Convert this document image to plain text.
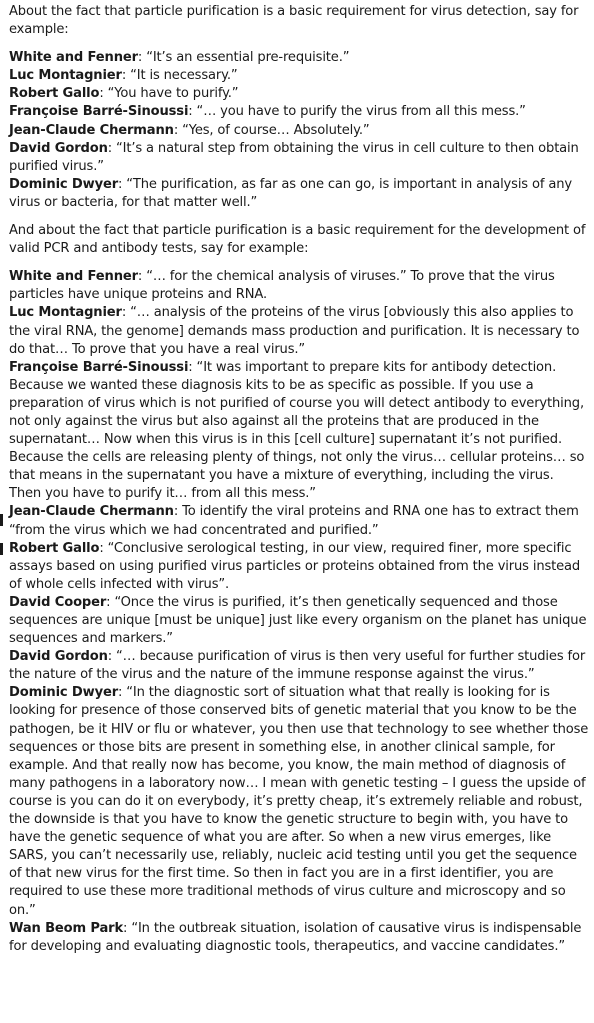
About the fact that particle purification is a basic requirement for virus detection, say for example:

White and Fenner: “It’s an essential pre-requisite.”

Luc Montagnier: “It is necessary.”

Robert Gallo: “You have to purify.”

Françoise Barré-Sinoussi: “… you have to purify the virus from all this mess.”

Jean-Claude Chermann: “Yes, of course… Absolutely.”

David Gordon: “It’s a natural step from obtaining the virus in cell culture to then obtain purified virus.”

Dominic Dwyer: “The purification, as far as one can go, is important in analysis of any virus or bacteria, for that matter well.”

And about the fact that particle purification is a basic requirement for the development of valid PCR and antibody tests, say for example:

White and Fenner: “… for the chemical analysis of viruses.” To prove that the virus particles have unique proteins and RNA.

Luc Montagnier: “… analysis of the proteins of the virus [obviously this also applies to the viral RNA, the genome] demands mass production and purification. It is necessary to do that… To prove that you have a real virus.”

Françoise Barré-Sinoussi: “It was important to prepare kits for antibody detection. Because we wanted these diagnosis kits to be as specific as possible. If you use a preparation of virus which is not purified of course you will detect antibody to everything, not only against the virus but also against all the proteins that are produced in the supernatant… Now when this virus is in this [cell culture] supernatant it’s not purified. Because the cells are releasing plenty of things, not only the virus… cellular proteins… so that means in the supernatant you have a mixture of everything, including the virus. Then you have to purify it… from all this mess.”

Jean-Claude Chermann: To identify the viral proteins and RNA one has to extract them “from the virus which we had concentrated and purified.”

Robert Gallo: “Conclusive serological testing, in our view, required finer, more specific assays based on using purified virus particles or proteins obtained from the virus instead of whole cells infected with virus”.

David Cooper: “Once the virus is purified, it’s then genetically sequenced and those sequences are unique [must be unique] just like every organism on the planet has unique sequences and markers.”

David Gordon: “… because purification of virus is then very useful for further studies for the nature of the virus and the nature of the immune response against the virus.”

Dominic Dwyer: “In the diagnostic sort of situation what that really is looking for is looking for presence of those conserved bits of genetic material that you know to be the pathogen, be it HIV or flu or whatever, you then use that technology to see whether those sequences or those bits are present in something else, in another clinical sample, for example. And that really now has become, you know, the main method of diagnosis of many pathogens in a laboratory now… I mean with genetic testing – I guess the upside of course is you can do it on everybody, it’s pretty cheap, it’s extremely reliable and robust, the downside is that you have to know the genetic structure to begin with, you have to have the genetic sequence of what you are after. So when a new virus emerges, like SARS, you can’t necessarily use, reliably, nucleic acid testing until you get the sequence of that new virus for the first time. So then in fact you are in a first identifier, you are required to use these more traditional methods of virus culture and microscopy and so on.”

Wan Beom Park: “In the outbreak situation, isolation of causative virus is indispensable for developing and evaluating diagnostic tools, therapeutics, and vaccine candidates.”
